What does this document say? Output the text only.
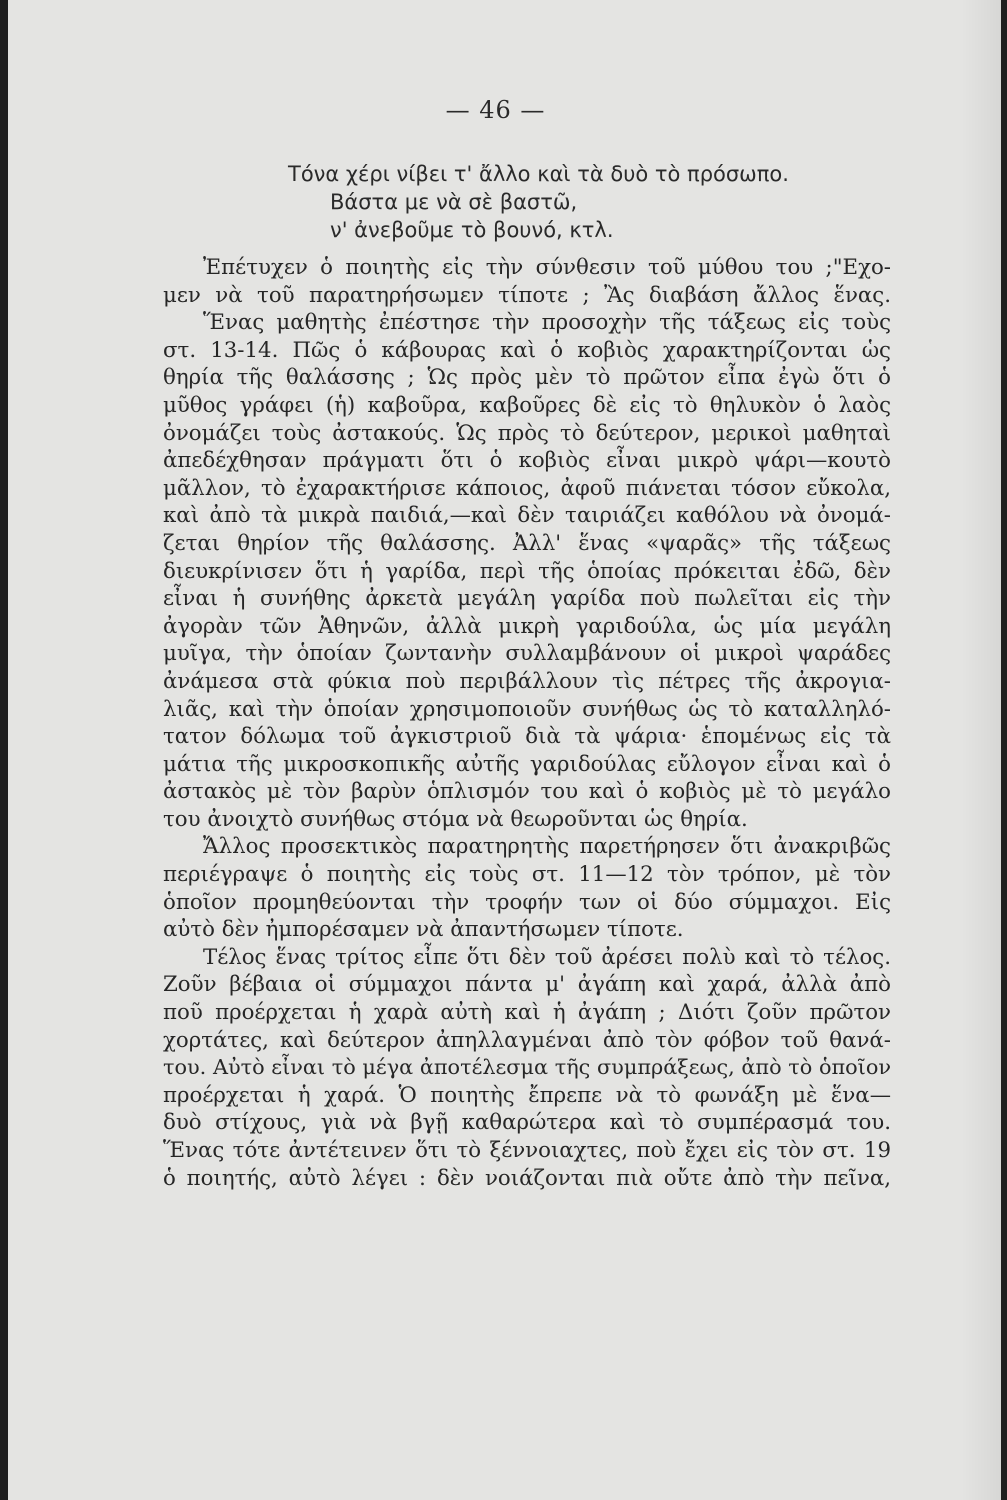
— 46 —
Τόνα χέρι νίβει τ' ἄλλο καὶ τὰ δυὸ τὸ πρόσωπο.
Βάστα με νὰ σὲ βαστῶ,
ν' ἀνεβοῦμε τὸ βουνό, κτλ.
Ἐπέτυχεν ὁ ποιητὴς εἰς τὴν σύνθεσιν τοῦ μύθου του ;"Εχο-
μεν νὰ τοῦ παρατηρήσωμεν τίποτε ; Ἂς διαβάση ἄλλος ἕνας.
Ἕνας μαθητὴς ἐπέστησε τὴν προσοχὴν τῆς τάξεως εἰς τοὺς
στ. 13-14. Πῶς ὁ κάβουρας καὶ ὁ κοβιὸς χαρακτηρίζονται ὡς
θηρία τῆς θαλάσσης ; Ὡς πρὸς μὲν τὸ πρῶτον εἶπα ἐγὼ ὅτι ὁ
μῦθος γράφει (ἡ) καβοῦρα, καβοῦρες δὲ εἰς τὸ θηλυκὸν ὁ λαὸς
ὀνομάζει τοὺς ἀστακούς. Ὡς πρὸς τὸ δεύτερον, μερικοὶ μαθηταὶ
ἀπεδέχθησαν πράγματι ὅτι ὁ κοβιὸς εἶναι μικρὸ ψάρι—κουτὸ
μᾶλλον, τὸ ἐχαρακτήρισε κάποιος, ἀφοῦ πιάνεται τόσον εὔκολα,
καὶ ἀπὸ τὰ μικρὰ παιδιά,—καὶ δὲν ταιριάζει καθόλου νὰ ὀνομά-
ζεται θηρίον τῆς θαλάσσης. Ἀλλ' ἕνας «ψαρᾶς» τῆς τάξεως
διευκρίνισεν ὅτι ἡ γαρίδα, περὶ τῆς ὁποίας πρόκειται ἐδῶ, δὲν
εἶναι ἡ συνήθης ἀρκετὰ μεγάλη γαρίδα ποὺ πωλεῖται εἰς τὴν
ἀγορὰν τῶν Ἀθηνῶν, ἀλλὰ μικρὴ γαριδούλα, ὡς μία μεγάλη
μυῖγα, τὴν ὁποίαν ζωντανὴν συλλαμβάνουν οἱ μικροὶ ψαράδες
ἀνάμεσα στὰ φύκια ποὺ περιβάλλουν τὶς πέτρες τῆς ἀκρογια-
λιᾶς, καὶ τὴν ὁποίαν χρησιμοποιοῦν συνήθως ὡς τὸ καταλληλό-
τατον δόλωμα τοῦ ἀγκιστριοῦ διὰ τὰ ψάρια· ἑπομένως εἰς τὰ
μάτια τῆς μικροσκοπικῆς αὐτῆς γαριδούλας εὔλογον εἶναι καὶ ὁ
ἀστακὸς μὲ τὸν βαρὺν ὁπλισμόν του καὶ ὁ κοβιὸς μὲ τὸ μεγάλο
του ἀνοιχτὸ συνήθως στόμα νὰ θεωροῦνται ὡς θηρία.
Ἄλλος προσεκτικὸς παρατηρητὴς παρετήρησεν ὅτι ἀνακριβῶς
περιέγραψε ὁ ποιητὴς εἰς τοὺς στ. 11—12 τὸν τρόπον, μὲ τὸν
ὁποῖον προμηθεύονται τὴν τροφήν των οἱ δύο σύμμαχοι. Εἰς
αὐτὸ δὲν ἠμπορέσαμεν νὰ ἀπαντήσωμεν τίποτε.
Τέλος ἕνας τρίτος εἶπε ὅτι δὲν τοῦ ἀρέσει πολὺ καὶ τὸ τέλος.
Ζοῦν βέβαια οἱ σύμμαχοι πάντα μ' ἀγάπη καὶ χαρά, ἀλλὰ ἀπὸ
ποῦ προέρχεται ἡ χαρὰ αὐτὴ καὶ ἡ ἀγάπη ; Διότι ζοῦν πρῶτον
χορτάτες, καὶ δεύτερον ἀπηλλαγμέναι ἀπὸ τὸν φόβον τοῦ θανά-
του. Αὐτὸ εἶναι τὸ μέγα ἀποτέλεσμα τῆς συμπράξεως, ἀπὸ τὸ ὁποῖον
προέρχεται ἡ χαρά. Ὁ ποιητὴς ἔπρεπε νὰ τὸ φωνάξη μὲ ἕνα—
δυὸ στίχους, γιὰ νὰ βγῇ καθαρώτερα καὶ τὸ συμπέρασμά του.
Ἕνας τότε ἀντέτεινεν ὅτι τὸ ξέννοιαχτες, ποὺ ἔχει εἰς τὸν στ. 19
ὁ ποιητής, αὐτὸ λέγει : δὲν νοιάζονται πιὰ οὔτε ἀπὸ τὴν πεῖνα,
